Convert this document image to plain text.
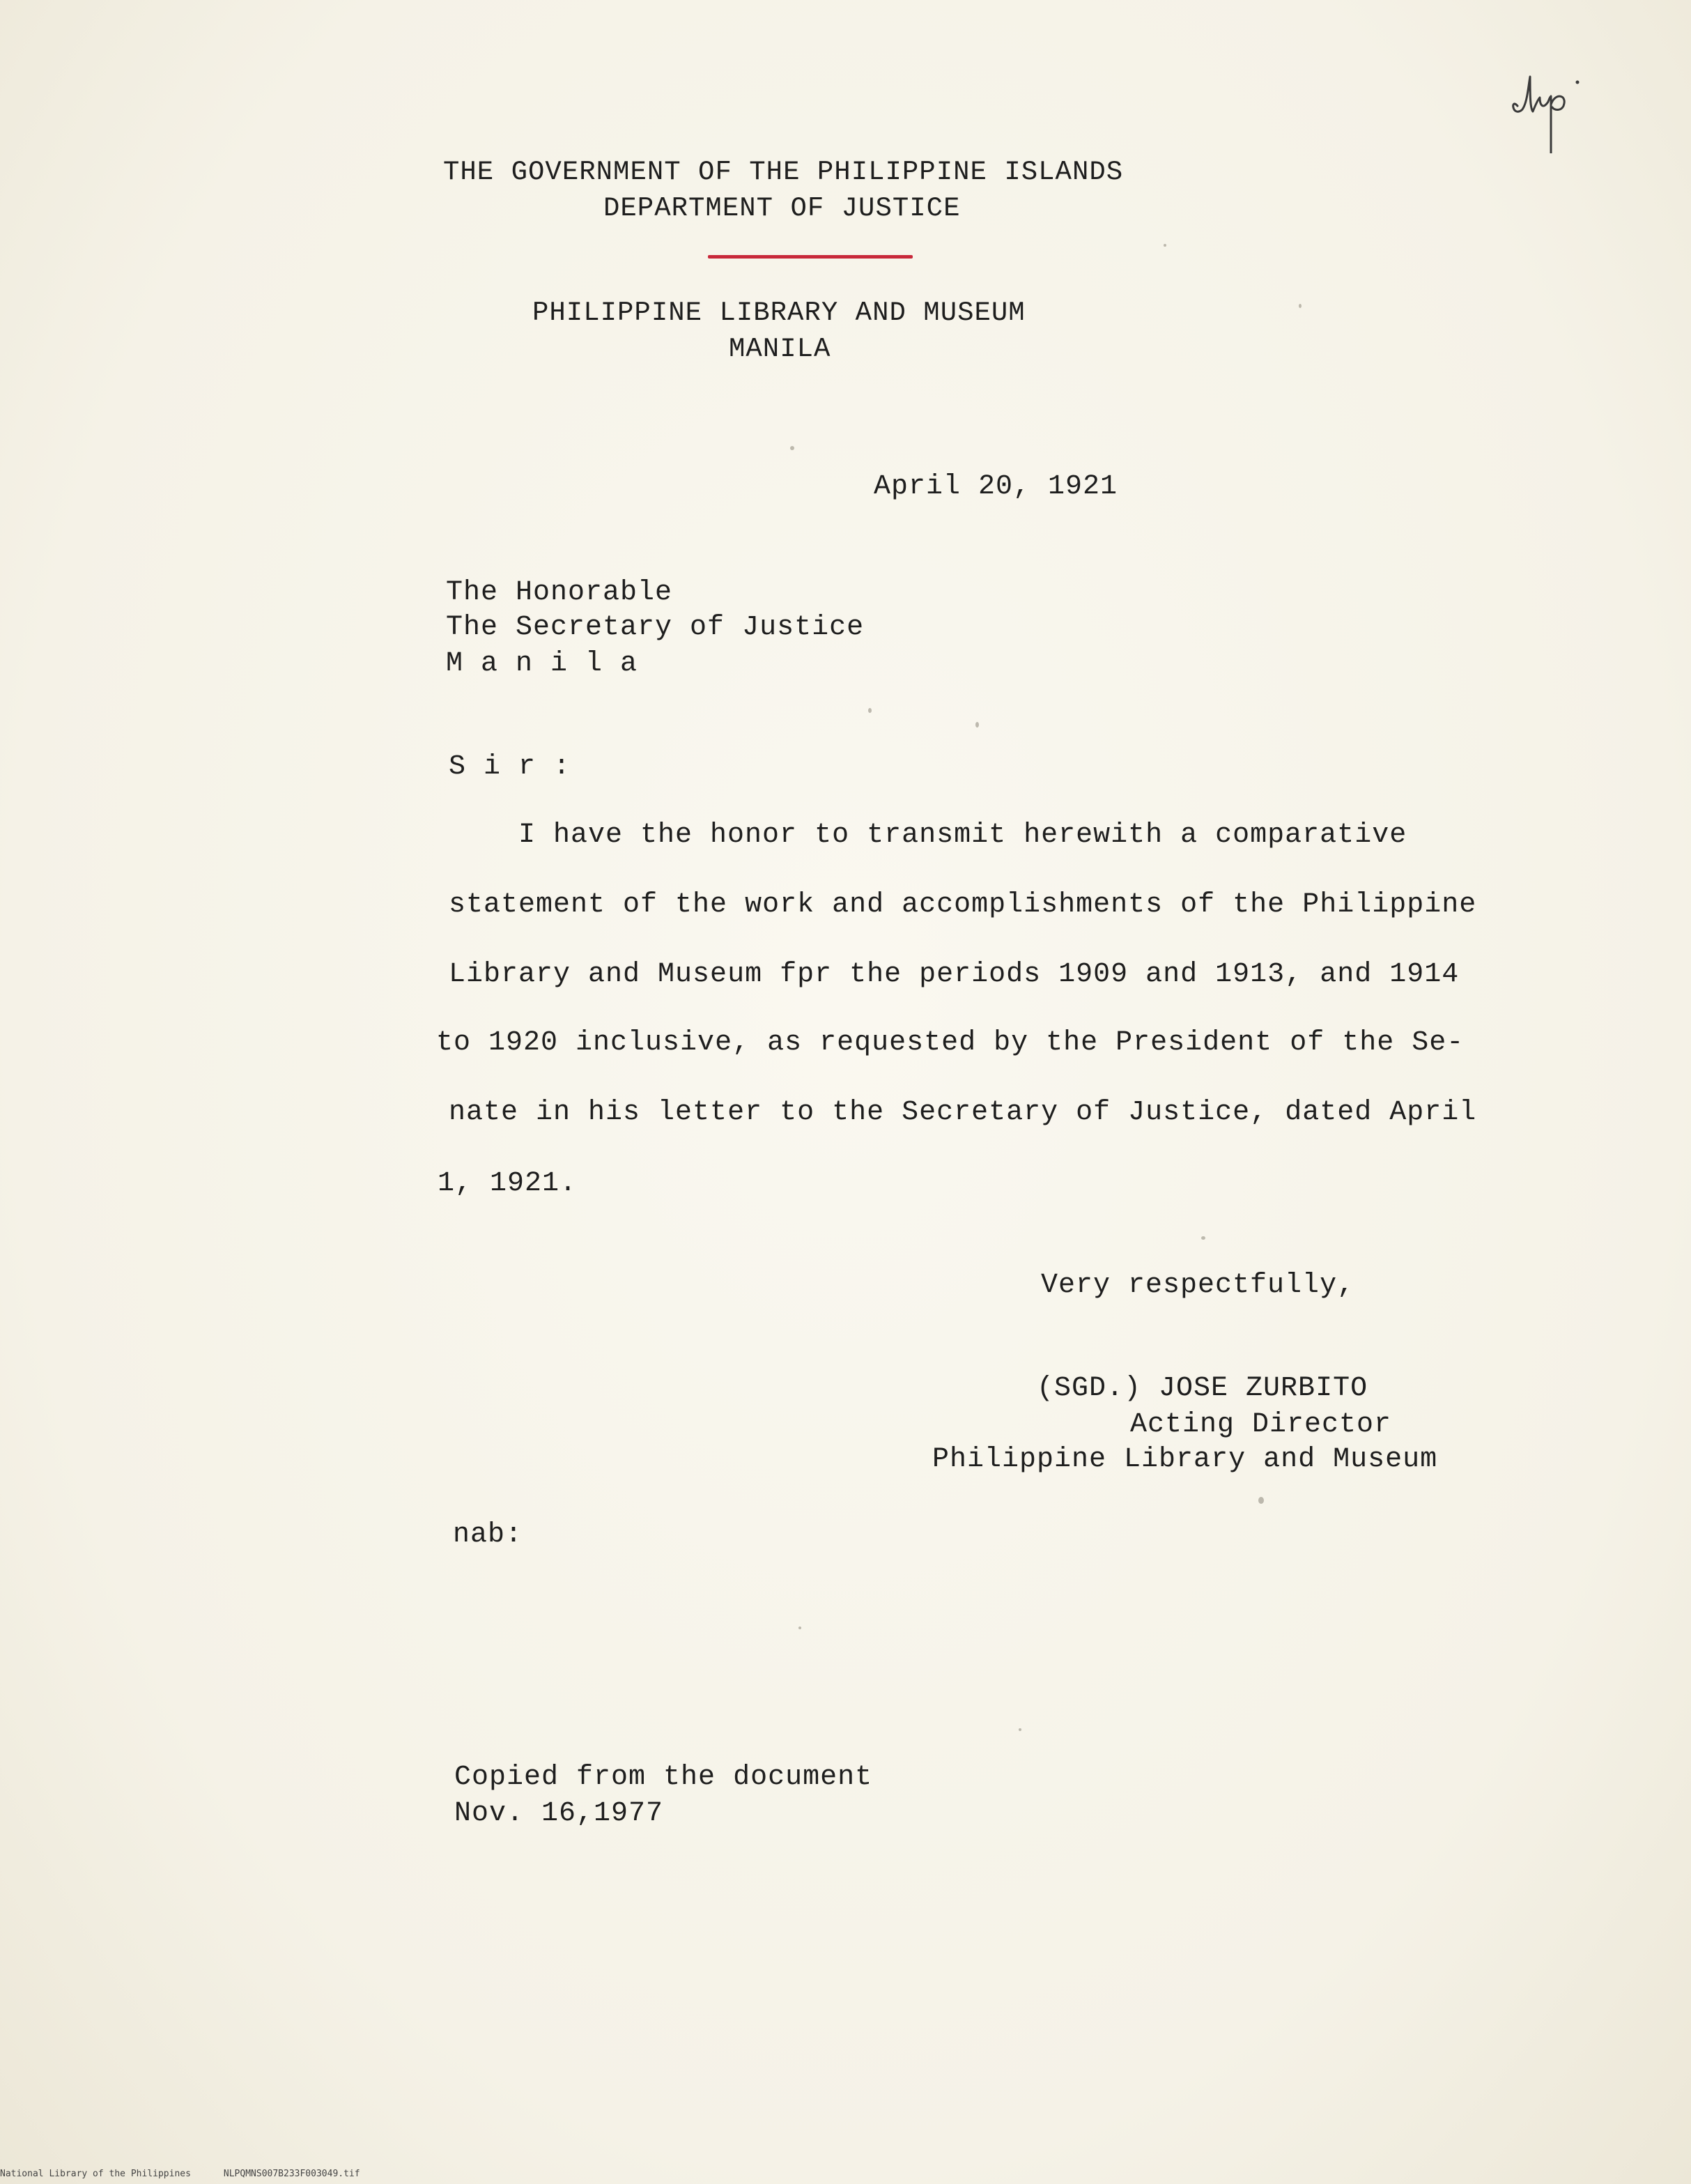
THE GOVERNMENT OF THE PHILIPPINE ISLANDS
DEPARTMENT OF JUSTICE
PHILIPPINE LIBRARY AND MUSEUM
MANILA
April 20, 1921
The Honorable
The Secretary of Justice
M a n i l a
S i r :
I have the honor to transmit herewith a comparative
statement of the work and accomplishments of the Philippine
Library and Museum fpr the periods 1909 and 1913, and 1914
to 1920 inclusive, as requested by the President of the Se-
nate in his letter to the Secretary of Justice, dated April
1, 1921.
Very respectfully,
(SGD.) JOSE ZURBITO
Acting Director
Philippine Library and Museum
nab:
Copied from the document
Nov. 16,1977
National Library of the Philippines	NLPQMNS007B233F003049.tif
